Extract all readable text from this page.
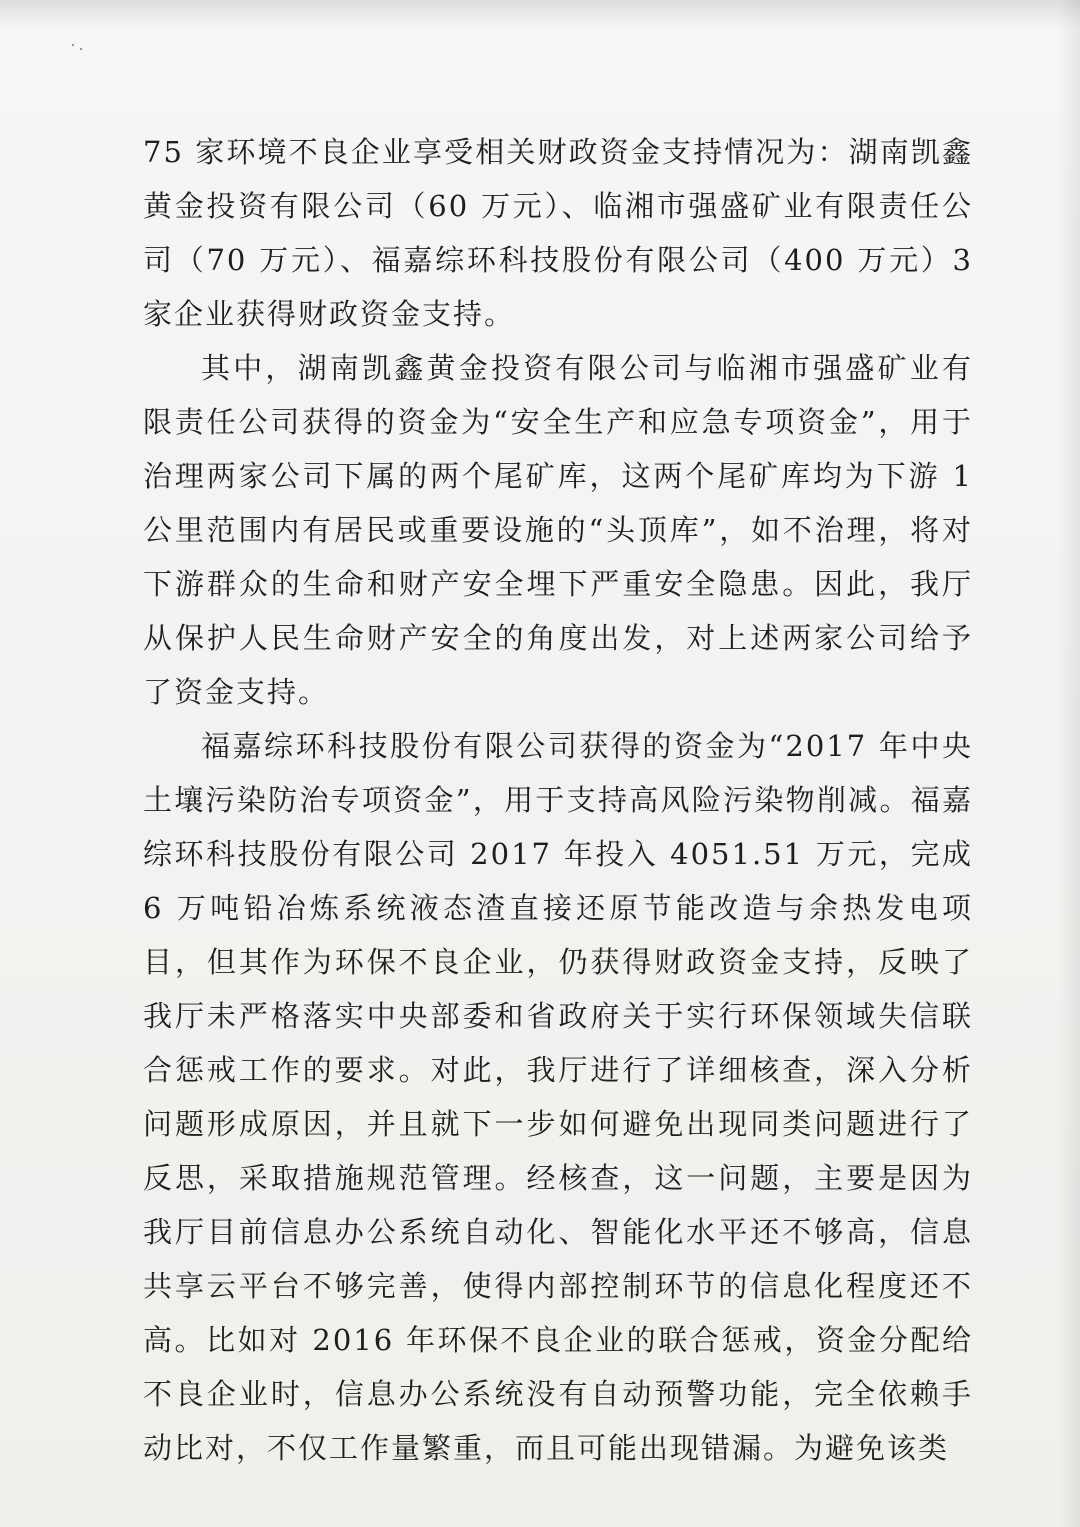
75 家环境不良企业享受相关财政资金支持情况为：湖南凯鑫黄金投资有限公司（60 万元）、临湘市强盛矿业有限责任公司（70 万元）、福嘉综环科技股份有限公司（400 万元）3 家企业获得财政资金支持。

其中，湖南凯鑫黄金投资有限公司与临湘市强盛矿业有限责任公司获得的资金为“安全生产和应急专项资金”，用于治理两家公司下属的两个尾矿库，这两个尾矿库均为下游 1 公里范围内有居民或重要设施的“头顶库”，如不治理，将对下游群众的生命和财产安全埋下严重安全隐患。因此，我厅从保护人民生命财产安全的角度出发，对上述两家公司给予了资金支持。

福嘉综环科技股份有限公司获得的资金为“2017 年中央土壤污染防治专项资金”，用于支持高风险污染物削减。福嘉综环科技股份有限公司 2017 年投入 4051.51 万元，完成 6 万吨铅冶炼系统液态渣直接还原节能改造与余热发电项目，但其作为环保不良企业，仍获得财政资金支持，反映了我厅未严格落实中央部委和省政府关于实行环保领域失信联合惩戒工作的要求。对此，我厅进行了详细核查，深入分析问题形成原因，并且就下一步如何避免出现同类问题进行了反思，采取措施规范管理。经核查，这一问题，主要是因为我厅目前信息办公系统自动化、智能化水平还不够高，信息共享云平台不够完善，使得内部控制环节的信息化程度还不高。比如对 2016 年环保不良企业的联合惩戒，资金分配给不良企业时，信息办公系统没有自动预警功能，完全依赖手动比对，不仅工作量繁重，而且可能出现错漏。为避免该类
